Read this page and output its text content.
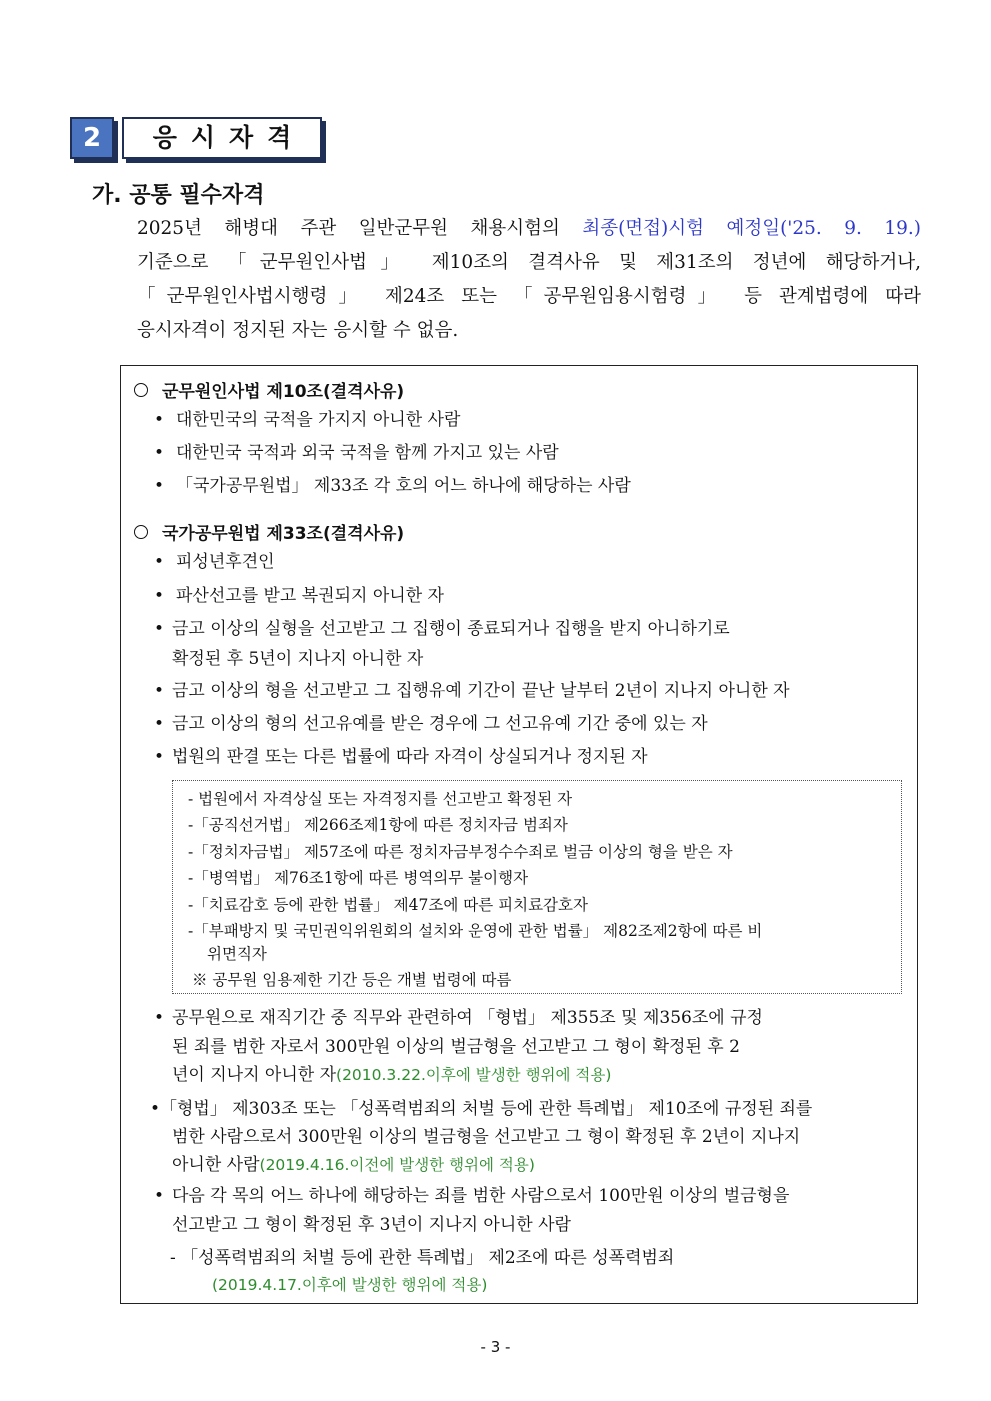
2	응시자격
가. 공통 필수자격
2025년 해병대 주관 일반군무원 채용시험의 최종(면접)시험 예정일('25. 9. 19.)
기준으로 「군무원인사법」 제10조의 결격사유 및 제31조의 정년에 해당하거나,
「군무원인사법시행령」 제24조 또는 「공무원임용시험령」 등 관계법령에 따라
응시자격이 정지된 자는 응시할 수 없음.
군무원인사법 제10조(결격사유)
• 대한민국의 국적을 가지지 아니한 사람
• 대한민국 국적과 외국 국적을 함께 가지고 있는 사람
• 「국가공무원법」 제33조 각 호의 어느 하나에 해당하는 사람
국가공무원법 제33조(결격사유)
• 피성년후견인
• 파산선고를 받고 복권되지 아니한 자
• 금고 이상의 실형을 선고받고 그 집행이 종료되거나 집행을 받지 아니하기로
확정된 후 5년이 지나지 아니한 자
• 금고 이상의 형을 선고받고 그 집행유예 기간이 끝난 날부터 2년이 지나지 아니한 자
• 금고 이상의 형의 선고유예를 받은 경우에 그 선고유예 기간 중에 있는 자
• 법원의 판결 또는 다른 법률에 따라 자격이 상실되거나 정지된 자
- 법원에서 자격상실 또는 자격정지를 선고받고 확정된 자
-「공직선거법」 제266조제1항에 따른 정치자금 범죄자
-「정치자금법」 제57조에 따른 정치자금부정수수죄로 벌금 이상의 형을 받은 자
-「병역법」 제76조1항에 따른 병역의무 불이행자
-「치료감호 등에 관한 법률」 제47조에 따른 피치료감호자
-「부패방지 및 국민권익위원회의 설치와 운영에 관한 법률」 제82조제2항에 따른 비
위면직자
※ 공무원 임용제한 기간 등은 개별 법령에 따름
• 공무원으로 재직기간 중 직무와 관련하여 「형법」 제355조 및 제356조에 규정
된 죄를 범한 자로서 300만원 이상의 벌금형을 선고받고 그 형이 확정된 후 2
년이 지나지 아니한 자(2010.3.22.이후에 발생한 행위에 적용)
•「형법」 제303조 또는 「성폭력범죄의 처벌 등에 관한 특례법」 제10조에 규정된 죄를
범한 사람으로서 300만원 이상의 벌금형을 선고받고 그 형이 확정된 후 2년이 지나지
아니한 사람(2019.4.16.이전에 발생한 행위에 적용)
• 다음 각 목의 어느 하나에 해당하는 죄를 범한 사람으로서 100만원 이상의 벌금형을
선고받고 그 형이 확정된 후 3년이 지나지 아니한 사람
- 「성폭력범죄의 처벌 등에 관한 특례법」 제2조에 따른 성폭력범죄
(2019.4.17.이후에 발생한 행위에 적용)
- 3 -
